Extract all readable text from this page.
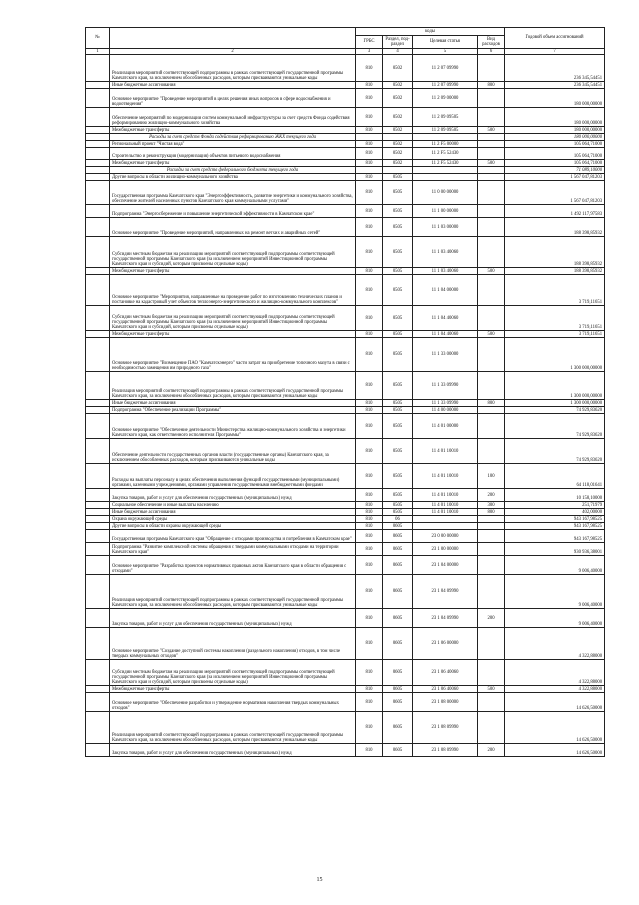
№		коды				Годовой объем ассигнований
		ГРБС	Раздел, под-раздел	Целевая статья	Вид расходов	
1	2	3	4	5	6	7
	Реализация мероприятий соответствующей подпрограммы в рамках соответствующей государственной программы Камчатского края, за исключением обособленных расходов, которым присваиваются уникальные коды	810	0502	11 2 07 09990		236 345,54451
	Иные бюджетные ассигнования	810	0502	11 2 07 09990	800	236 345,54451
	Основное мероприятие "Проведение мероприятий в целях решения иных вопросов в сфере водоснабжения и водоотведения"	810	0502	11 2 09 00000		180 000,00000
	Обеспечение мероприятий по модернизации систем коммунальной инфраструктуры за счет средств Фонда содействия реформированию жилищно-коммунального хозяйства	810	0502	11 2 09 09505		180 000,00000
	Межбюджетные трансферты	810	0502	11 2 09 09505	500	180 000,00000
	Расходы за счет средств Фонда содействия реформированию ЖКХ текущего года					180 000,00000
	Региональный проект "Чистая вода"	810	0502	11 2 F5 00000		105 064,71000
	Строительство и реконструкция (модернизация) объектов питьевого водоснабжения	810	0502	11 2 F5 52430		105 064,71000
	Межбюджетные трансферты	810	0502	11 2 F5 52430	500	105 064,71000
	Расходы за счет средств федерального бюджета текущего года					71 089,10000
	Другие вопросы в области жилищно-коммунального хозяйства	810	0505			1 567 047,81203
	Государственная программа Камчатского края "Энергоэффективность, развитие энергетики и коммунального хозяйства, обеспечение жителей населенных пунктов Камчатского края коммунальными услугами"	810	0505	11 0 00 00000		1 567 047,81203
	Подпрограмма "Энергосбережение и повышение энергетической эффективности в Камчатском крае"	810	0505	11 1 00 00000		1 492 117,97583
	Основное мероприятие "Проведение мероприятий, направленных на ремонт ветхих и аварийных сетей"	810	0505	11 1 03 00000		188 398,85932
	Субсидии местным бюджетам на реализацию мероприятий соответствующей подпрограммы соответствующей государственной программы Камчатского края (за исключением мероприятий Инвестиционной программы Камчатского края и субсидий, которым присвоены отдельные коды)	810	0505	11 1 03 40060		188 398,85932
	Межбюджетные трансферты	810	0505	11 1 03 40060	500	188 398,85932
	Основное мероприятие "Мероприятия, направленные на проведение работ по изготовлению технических планов и постановке на кадастровый учет объектов теплоэнерго-энергетического и жилищно-коммунального комплексов"	810	0505	11 1 04 00000		3 719,11651
	Субсидии местным бюджетам на реализацию мероприятий соответствующей подпрограммы соответствующей государственной программы Камчатского края (за исключением мероприятий Инвестиционной программы Камчатского края и субсидий, которым присвоены отдельные коды)	810	0505	11 1 04 40060		3 719,11651
	Межбюджетные трансферты	810	0505	11 1 04 40060	500	3 719,11651
	Основное мероприятие "Возмещение ПАО "Камчатскэнерго" части затрат на приобретение топочного мазута в связи с необходимостью замещения им природного газа"	810	0505	11 1 33 00000		1 300 000,00000
	Реализация мероприятий соответствующей подпрограммы в рамках соответствующей государственной программы Камчатского края, за исключением обособленных расходов, которым присваиваются уникальные коды	810	0505	11 1 33 09990		1 300 000,00000
	Иные бюджетные ассигнования	810	0505	11 1 33 09990	800	1 300 000,00000
	Подпрограмма "Обеспечение реализации Программы"	810	0505	11 4 00 00000		74 929,83620
	Основное мероприятие "Обеспечение деятельности Министерства жилищно-коммунального хозяйства и энергетики Камчатского края, как ответственного исполнителя Программы"	810	0505	11 4 01 00000		74 929,83620
	Обеспечение деятельности государственных органов власти (государственные органы) Камчатского края, за исключением обособленных расходов, которым присваиваются уникальные коды	810	0505	11 4 01 10010		74 929,83620
	Расходы на выплаты персоналу в целях обеспечения выполнения функций государственными (муниципальными) органами, казенными учреждениями, органами управления государственными внебюджетными фондами	810	0505	11 4 01 10010	100	64 118,01641
	Закупка товаров, работ и услуг для обеспечения государственных (муниципальных) нужд	810	0505	11 4 01 10010	200	10 158,10000
	Социальное обеспечение и иные выплаты населению	810	0505	11 4 01 10010	300	251,71979
	Иные бюджетные ассигнования	810	0505	11 4 01 10010	800	402,00000
	Охрана окружающей среды	810	06			943 167,98525
	Другие вопросы в области охраны окружающей среды	810	0605			943 167,98525
	Государственная программа Камчатского края "Обращение с отходами производства и потребления в Камчатском крае"	810	0605	23 0 00 00000		943 167,98525
	Подпрограмма "Развитие комплексной системы обращения с твердыми коммунальными отходами на территории Камчатского края"	810	0605	23 1 00 00000		930 936,38001
	Основное мероприятие "Разработка проектов нормативных правовых актов Камчатского края в области обращения с отходами"	810	0605	23 1 04 00000		9 006,40000
	Реализация мероприятий соответствующей подпрограммы в рамках соответствующей государственной программы Камчатского края, за исключением обособленных расходов, которым присваиваются уникальные коды	810	0605	23 1 04 09990		9 006,40000
	Закупка товаров, работ и услуг для обеспечения государственных (муниципальных) нужд	810	0605	23 1 04 09990	200	9 006,40000
	Основное мероприятие "Создание доступной системы накопления (раздельного накопления) отходов, в том числе твердых коммунальных отходов"	810	0605	23 1 06 00000		4 322,88000
	Субсидии местным бюджетам на реализацию мероприятий соответствующей подпрограммы соответствующей государственной программы Камчатского края (за исключением мероприятий Инвестиционной программы Камчатского края и субсидий, которым присвоены отдельные коды)	810	0605	23 1 06 40060		4 322,88000
	Межбюджетные трансферты	810	0605	23 1 06 40060	500	4 322,88000
	Основное мероприятие "Обеспечение разработки и утверждение нормативов накопления твердых коммунальных отходов"	810	0605	23 1 08 00000		14 626,50000
	Реализация мероприятий соответствующей подпрограммы в рамках соответствующей государственной программы Камчатского края, за исключением обособленных расходов, которым присваиваются уникальные коды	810	0605	23 1 08 09990		14 626,50000
	Закупка товаров, работ и услуг для обеспечения государственных (муниципальных) нужд	810	0605	23 1 08 09990	200	14 626,50000
15
